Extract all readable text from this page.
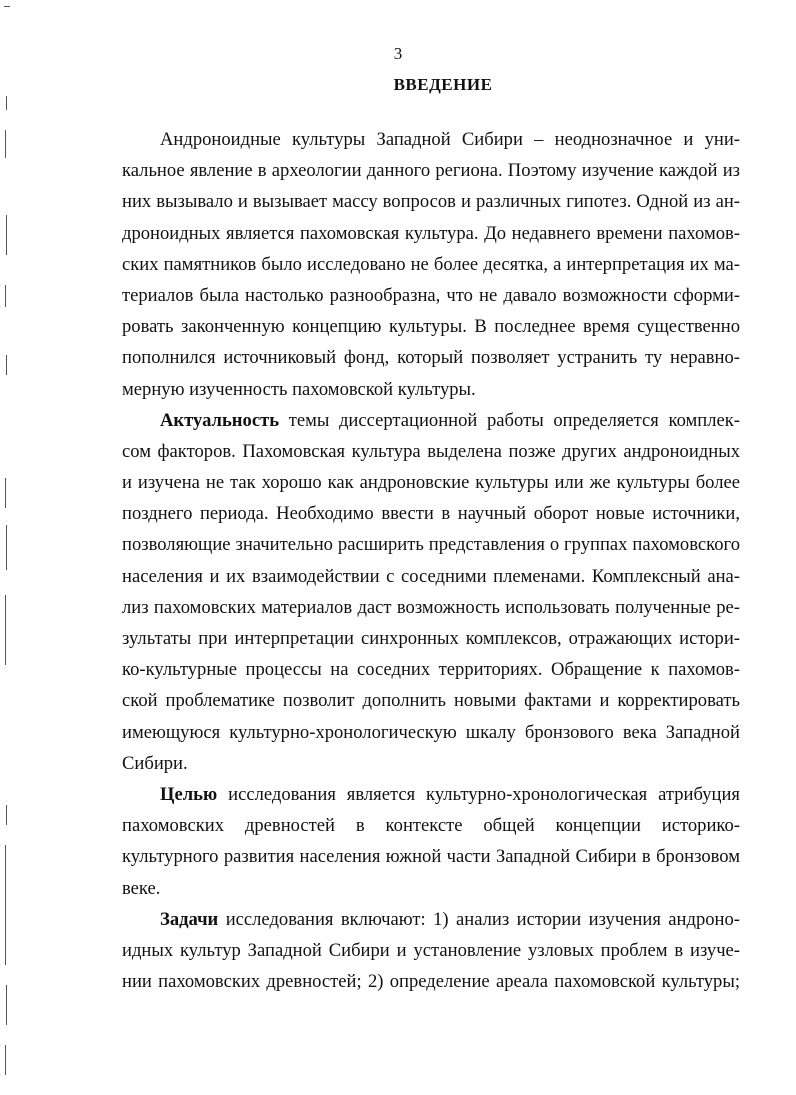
3
ВВЕДЕНИЕ
Андроноидные культуры Западной Сибири – неоднозначное и уни-
кальное явление в археологии данного региона. Поэтому изучение каждой из
них вызывало и вызывает массу вопросов и различных гипотез. Одной из ан-
дроноидных является пахомовская культура. До недавнего времени пахомов-
ских памятников было исследовано не более десятка, а интерпретация их ма-
териалов была настолько разнообразна, что не давало возможности сформи-
ровать законченную концепцию культуры. В последнее время существенно
пополнился источниковый фонд, который позволяет устранить ту неравно-
мерную изученность пахомовской культуры.
Актуальность темы диссертационной работы определяется комплек-
сом факторов. Пахомовская культура выделена позже других андроноидных
и изучена не так хорошо как андроновские культуры или же культуры более
позднего периода. Необходимо ввести в научный оборот новые источники,
позволяющие значительно расширить представления о группах пахомовского
населения и их взаимодействии с соседними племенами. Комплексный ана-
лиз пахомовских материалов даст возможность использовать полученные ре-
зультаты при интерпретации синхронных комплексов, отражающих истори-
ко-культурные процессы на соседних территориях. Обращение к пахомов-
ской проблематике позволит дополнить новыми фактами и корректировать
имеющуюся культурно-хронологическую шкалу бронзового века Западной
Сибири.
Целью исследования является культурно-хронологическая атрибуция
пахомовских древностей в контексте общей концепции историко-
культурного развития населения южной части Западной Сибири в бронзовом
веке.
Задачи исследования включают: 1) анализ истории изучения андроно-
идных культур Западной Сибири и установление узловых проблем в изуче-
нии пахомовских древностей; 2) определение ареала пахомовской культуры;
